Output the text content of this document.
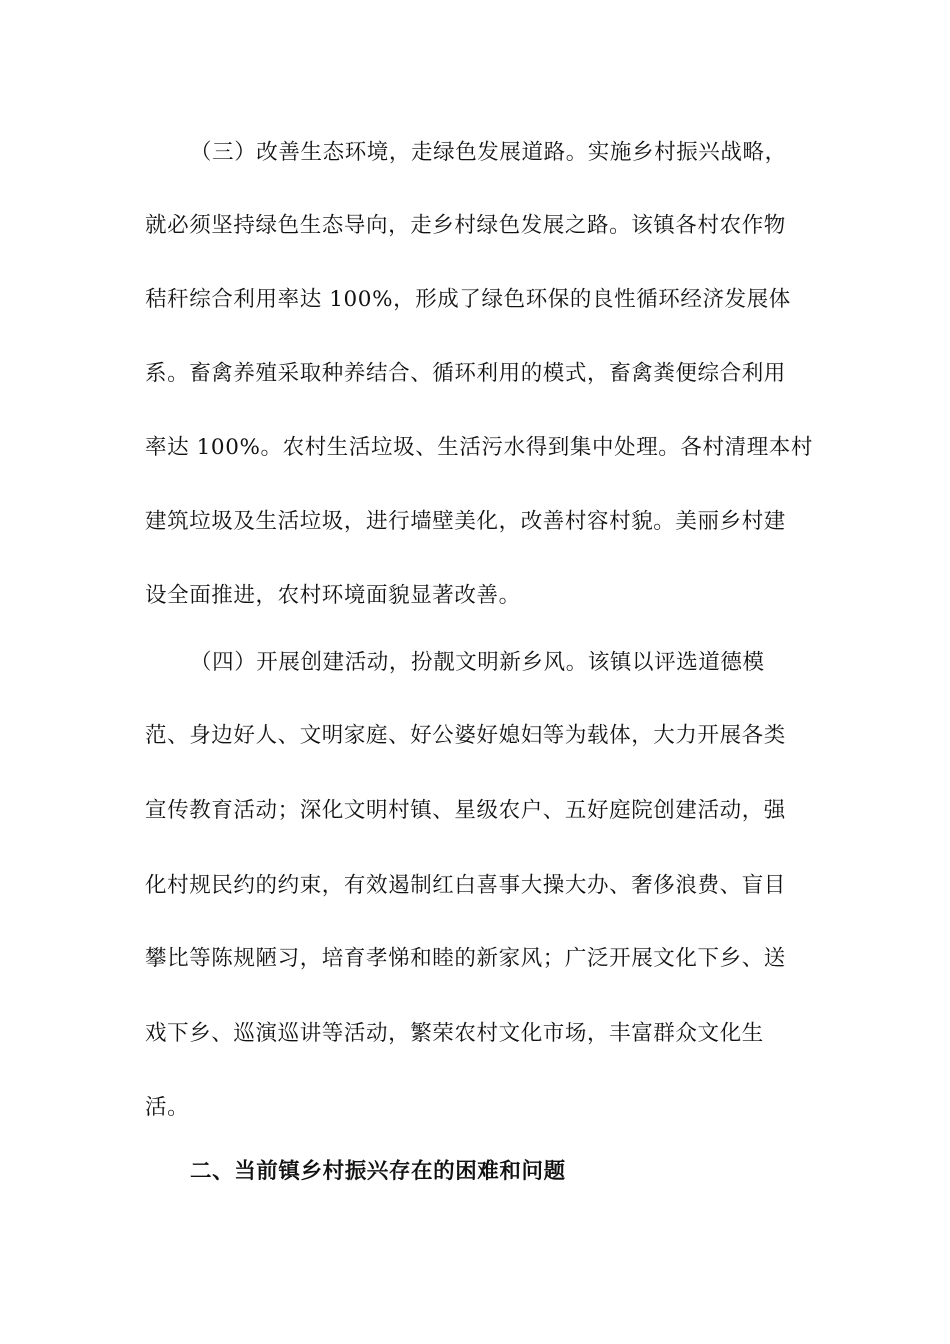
（三）改善生态环境，走绿色发展道路。实施乡村振兴战略，
就必须坚持绿色生态导向，走乡村绿色发展之路。该镇各村农作物
秸秆综合利用率达 100%，形成了绿色环保的良性循环经济发展体
系。畜禽养殖采取种养结合、循环利用的模式，畜禽粪便综合利用
率达 100%。农村生活垃圾、生活污水得到集中处理。各村清理本村
建筑垃圾及生活垃圾，进行墙壁美化，改善村容村貌。美丽乡村建
设全面推进，农村环境面貌显著改善。
（四）开展创建活动，扮靓文明新乡风。该镇以评选道德模
范、身边好人、文明家庭、好公婆好媳妇等为载体，大力开展各类
宣传教育活动；深化文明村镇、星级农户、五好庭院创建活动，强
化村规民约的约束，有效遏制红白喜事大操大办、奢侈浪费、盲目
攀比等陈规陋习，培育孝悌和睦的新家风；广泛开展文化下乡、送
戏下乡、巡演巡讲等活动，繁荣农村文化市场，丰富群众文化生
活。
二、当前镇乡村振兴存在的困难和问题
